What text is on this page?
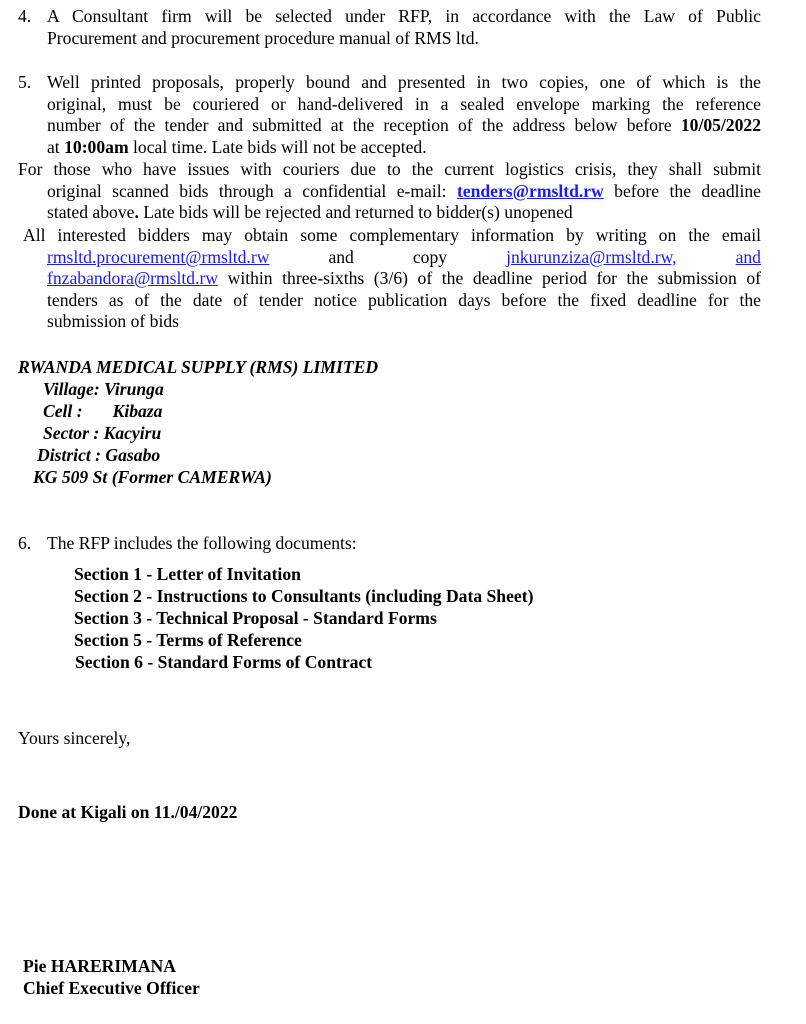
4. A Consultant firm will be selected under RFP, in accordance with the Law of Public
Procurement and procurement procedure manual of RMS ltd.
5. Well printed proposals, properly bound and presented in two copies, one of which is the
original, must be couriered or hand-delivered in a sealed envelope marking the reference
number of the tender and submitted at the reception of the address below before 10/05/2022
at 10:00am local time. Late bids will not be accepted.
For those who have issues with couriers due to the current logistics crisis, they shall submit
original scanned bids through a confidential e-mail: tenders@rmsltd.rw before the deadline
stated above. Late bids will be rejected and returned to bidder(s) unopened
All interested bidders may obtain some complementary information by writing on the email
rmsltd.procurement@rmsltd.rw	and	copy	jnkurunziza@rmsltd.rw,	and
fnzabandora@rmsltd.rw within three-sixths (3/6) of the deadline period for the submission of
tenders as of the date of tender notice publication days before the fixed deadline for the
submission of bids
RWANDA MEDICAL SUPPLY (RMS) LIMITED
Village: Virunga
Cell : Kibaza
Sector : Kacyiru
District : Gasabo
KG 509 St (Former CAMERWA)
6. The RFP includes the following documents:
Section 1 - Letter of Invitation
Section 2 - Instructions to Consultants (including Data Sheet)
Section 3 - Technical Proposal - Standard Forms
Section 5 - Terms of Reference
Section 6 - Standard Forms of Contract
Yours sincerely,
Done at Kigali on 11./04/2022
Pie HARERIMANA
Chief Executive Officer
